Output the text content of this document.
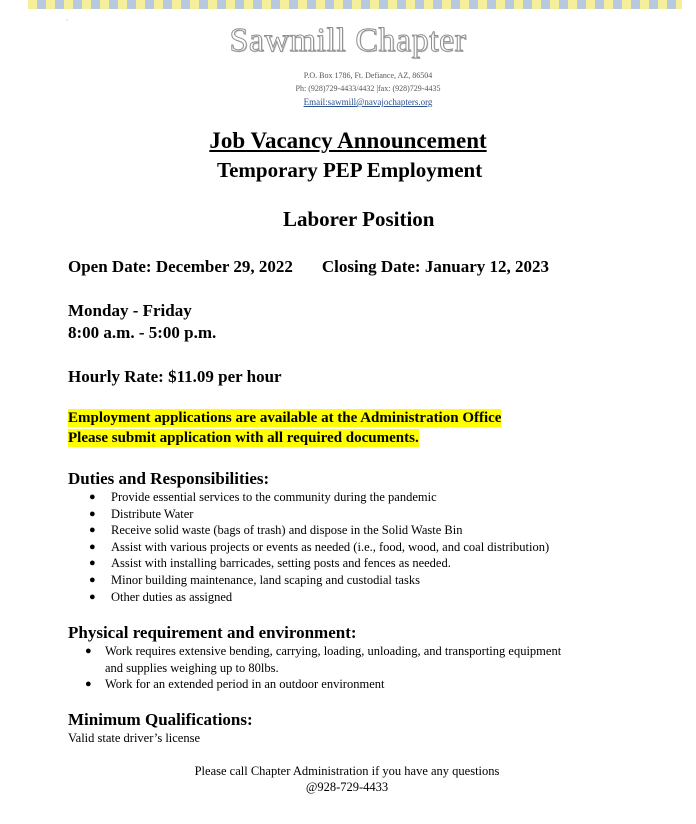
´	Sawmill Chapter
P.O. Box 1786, Ft. Defiance, AZ, 86504
Ph: (928)729-4433/4432 |fax: (928)729-4435
Email:sawmill@navajochapters.org
Job Vacancy Announcement
Temporary PEP Employment
Laborer Position
Open Date: December 29, 2022 Closing Date: January 12, 2023
Monday - Friday
8:00 a.m. - 5:00 p.m.
Hourly Rate: $11.09 per hour
Employment applications are available at the Administration Office
Please submit application with all required documents.
Duties and Responsibilities:
● Provide essential services to the community during the pandemic
● Distribute Water
● Receive solid waste (bags of trash) and dispose in the Solid Waste Bin
● Assist with various projects or events as needed (i.e., food, wood, and coal distribution)
● Assist with installing barricades, setting posts and fences as needed.
● Minor building maintenance, land scaping and custodial tasks
● Other duties as assigned
Physical requirement and environment:
● Work requires extensive bending, carrying, loading, unloading, and transporting equipment and supplies weighing up to 80lbs.
● Work for an extended period in an outdoor environment
Minimum Qualifications:
Valid state driver’s license
Please call Chapter Administration if you have any questions
@928-729-4433
